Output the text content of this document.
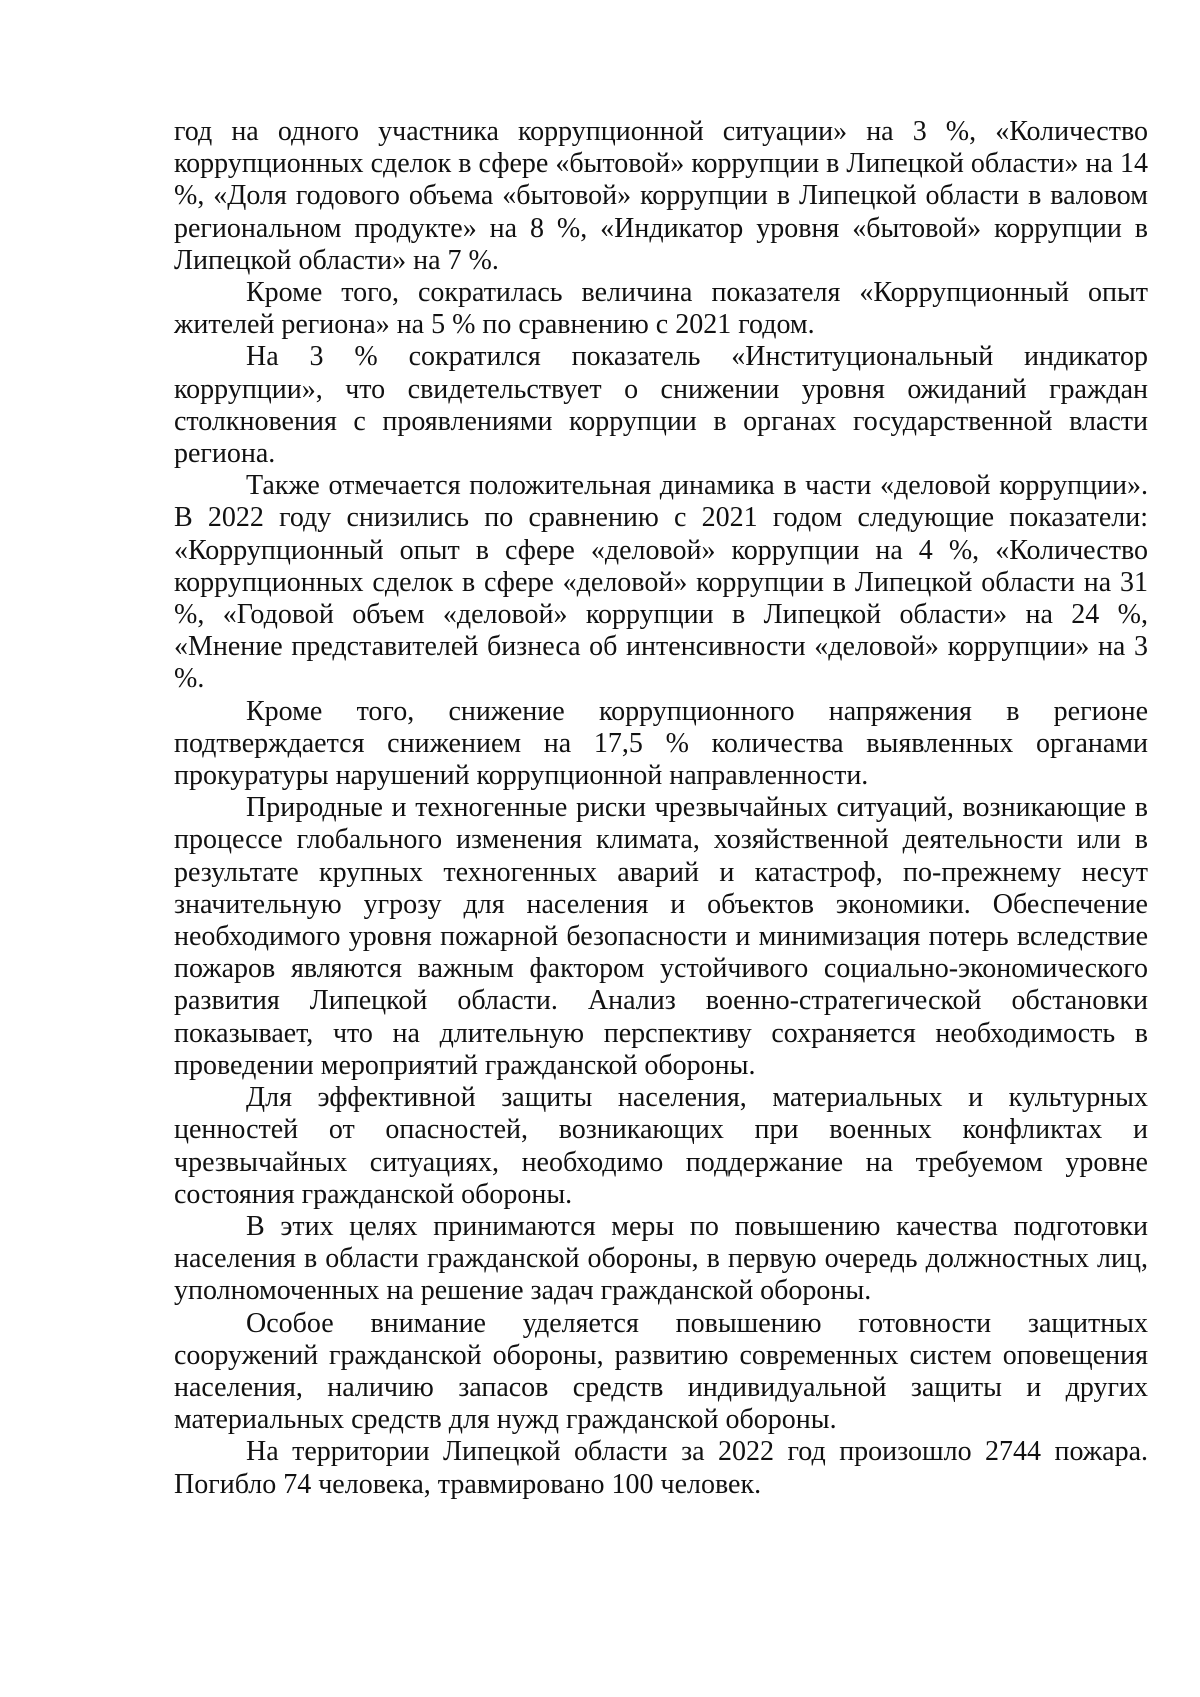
год на одного участника коррупционной ситуации» на 3 %, «Количество коррупционных сделок в сфере «бытовой» коррупции в Липецкой области» на 14 %, «Доля годового объема «бытовой» коррупции в Липецкой области в валовом региональном продукте» на 8 %, «Индикатор уровня «бытовой» коррупции в Липецкой области» на 7 %.

Кроме того, сократилась величина показателя «Коррупционный опыт жителей региона» на 5 % по сравнению с 2021 годом.

На 3 % сократился показатель «Институциональный индикатор коррупции», что свидетельствует о снижении уровня ожиданий граждан столкновения с проявлениями коррупции в органах государственной власти региона.

Также отмечается положительная динамика в части «деловой коррупции». В 2022 году снизились по сравнению с 2021 годом следующие показатели: «Коррупционный опыт в сфере «деловой» коррупции на 4 %, «Количество коррупционных сделок в сфере «деловой» коррупции в Липецкой области на 31 %, «Годовой объем «деловой» коррупции в Липецкой области» на 24 %, «Мнение представителей бизнеса об интенсивности «деловой» коррупции» на 3 %.

Кроме того, снижение коррупционного напряжения в регионе подтверждается снижением на 17,5 % количества выявленных органами прокуратуры нарушений коррупционной направленности.

Природные и техногенные риски чрезвычайных ситуаций, возникающие в процессе глобального изменения климата, хозяйственной деятельности или в результате крупных техногенных аварий и катастроф, по-прежнему несут значительную угрозу для населения и объектов экономики. Обеспечение необходимого уровня пожарной безопасности и минимизация потерь вследствие пожаров являются важным фактором устойчивого социально-экономического развития Липецкой области. Анализ военно-стратегической обстановки показывает, что на длительную перспективу сохраняется необходимость в проведении мероприятий гражданской обороны.

Для эффективной защиты населения, материальных и культурных ценностей от опасностей, возникающих при военных конфликтах и чрезвычайных ситуациях, необходимо поддержание на требуемом уровне состояния гражданской обороны.

В этих целях принимаются меры по повышению качества подготовки населения в области гражданской обороны, в первую очередь должностных лиц, уполномоченных на решение задач гражданской обороны.

Особое внимание уделяется повышению готовности защитных сооружений гражданской обороны, развитию современных систем оповещения населения, наличию запасов средств индивидуальной защиты и других материальных средств для нужд гражданской обороны.

На территории Липецкой области за 2022 год произошло 2744 пожара. Погибло 74 человека, травмировано 100 человек.
